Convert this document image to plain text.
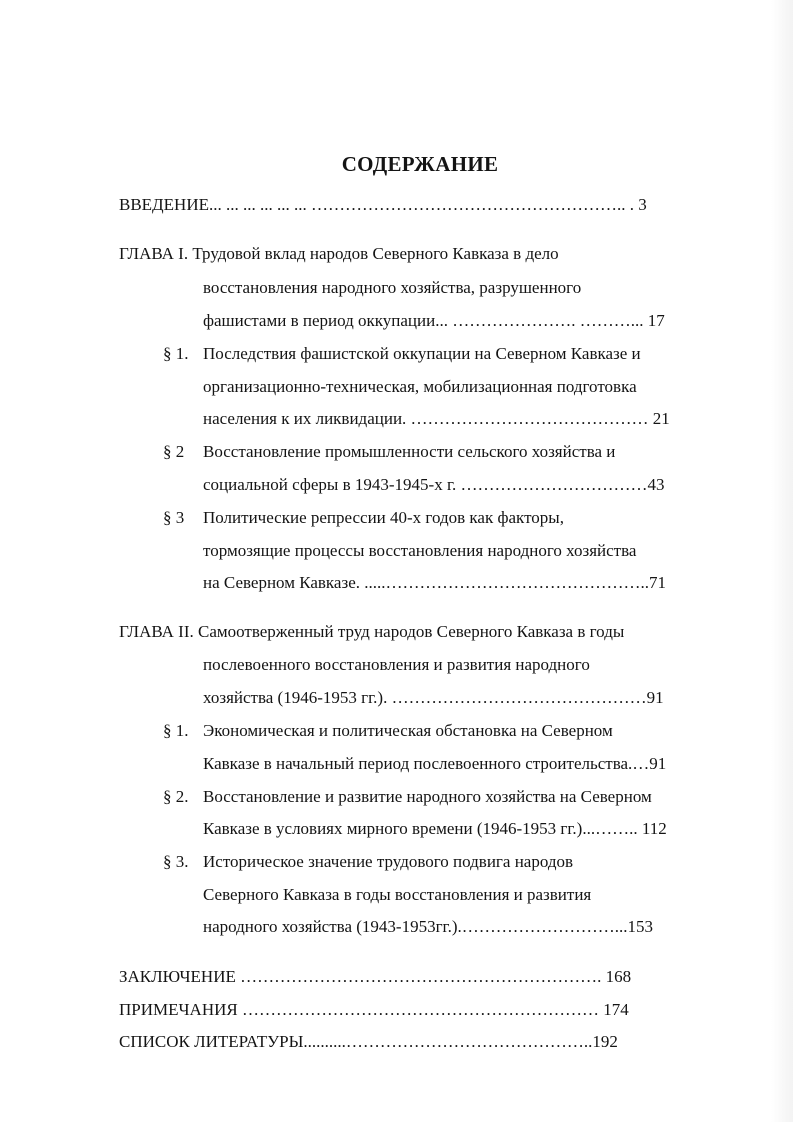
СОДЕРЖАНИЕ
ВВЕДЕНИЕ... ... ... ... ... ... ……………………………………………….. . 3
ГЛАВА I. Трудовой вклад народов Северного Кавказа в дело
восстановления народного хозяйства, разрушенного
фашистами в период оккупации... …………………. ………... 17
§ 1. Последствия фашистской оккупации на Северном Кавказе и
организационно-техническая, мобилизационная подготовка
населения к их ликвидации. …………………………………… 21
§ 2 Восстановление промышленности сельского хозяйства и
социальной сферы в 1943-1945-х г. ……………………………43
§ 3 Политические репрессии 40-х годов как факторы,
тормозящие процессы восстановления народного хозяйства
на Северном Кавказе. .....………………………………………..71
ГЛАВА II. Самоотверженный труд народов Северного Кавказа в годы
послевоенного восстановления и развития народного
хозяйства (1946-1953 гг.). ………………………………………91
§ 1. Экономическая и политическая обстановка на Северном
Кавказе в начальный период послевоенного строительства.…91
§ 2. Восстановление и развитие народного хозяйства на Северном
Кавказе в условиях мирного времени (1946-1953 гг.)...…….. 112
§ 3. Историческое значение трудового подвига народов
Северного Кавказа в годы восстановления и развития
народного хозяйства (1943-1953гг.).………………………...153
ЗАКЛЮЧЕНИЕ ………………………………………………………. 168
ПРИМЕЧАНИЯ ……………………………………………………… 174
СПИСОК ЛИТЕРАТУРЫ..........……………………………………..192
